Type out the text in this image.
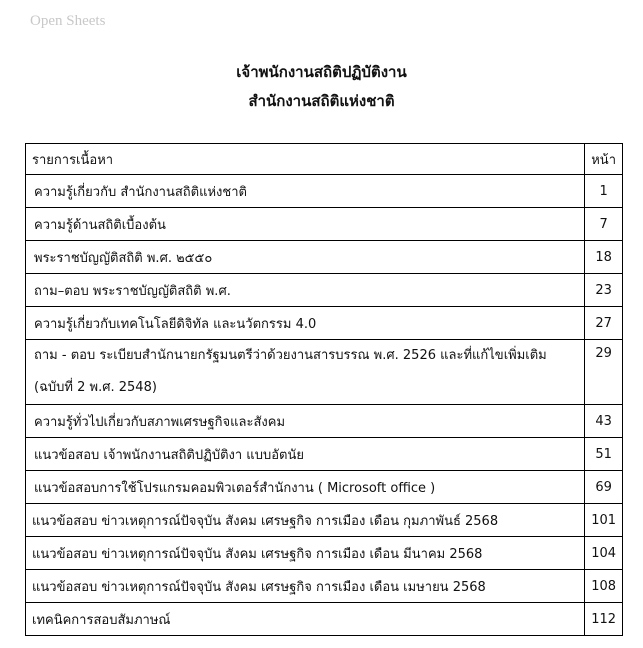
Open Sheets
เจ้าพนักงานสถิติปฏิบัติงาน
สำนักงานสถิติแห่งชาติ
รายการเนื้อหา	หน้า
ความรู้เกี่ยวกับ สำนักงานสถิติแห่งชาติ	1
ความรู้ด้านสถิติเบื้องต้น	7
พระราชบัญญัติสถิติ พ.ศ. ๒๕๕๐	18
ถาม–ตอบ พระราชบัญญัติสถิติ พ.ศ.	23
ความรู้เกี่ยวกับเทคโนโลยีดิจิทัล และนวัตกรรม 4.0	27

ถาม - ตอบ ระเบียบสำนักนายกรัฐมนตรีว่าด้วยงานสารบรรณ พ.ศ. 2526 และที่แก้ไขเพิ่มเติม
(ฉบับที่ 2 พ.ศ. 2548)	29
ความรู้ทั่วไปเกี่ยวกับสภาพเศรษฐกิจและสังคม	43
แนวข้อสอบ เจ้าพนักงานสถิติปฏิบัติงา แบบอัตนัย	51
แนวข้อสอบการใช้โปรแกรมคอมพิวเตอร์สำนักงาน ( Microsoft office )	69
แนวข้อสอบ ข่าวเหตุการณ์ปัจจุบัน สังคม เศรษฐกิจ การเมือง เดือน กุมภาพันธ์ 2568	101
แนวข้อสอบ ข่าวเหตุการณ์ปัจจุบัน สังคม เศรษฐกิจ การเมือง เดือน มีนาคม 2568	104
แนวข้อสอบ ข่าวเหตุการณ์ปัจจุบัน สังคม เศรษฐกิจ การเมือง เดือน เมษายน 2568	108
เทคนิคการสอบสัมภาษณ์	112
